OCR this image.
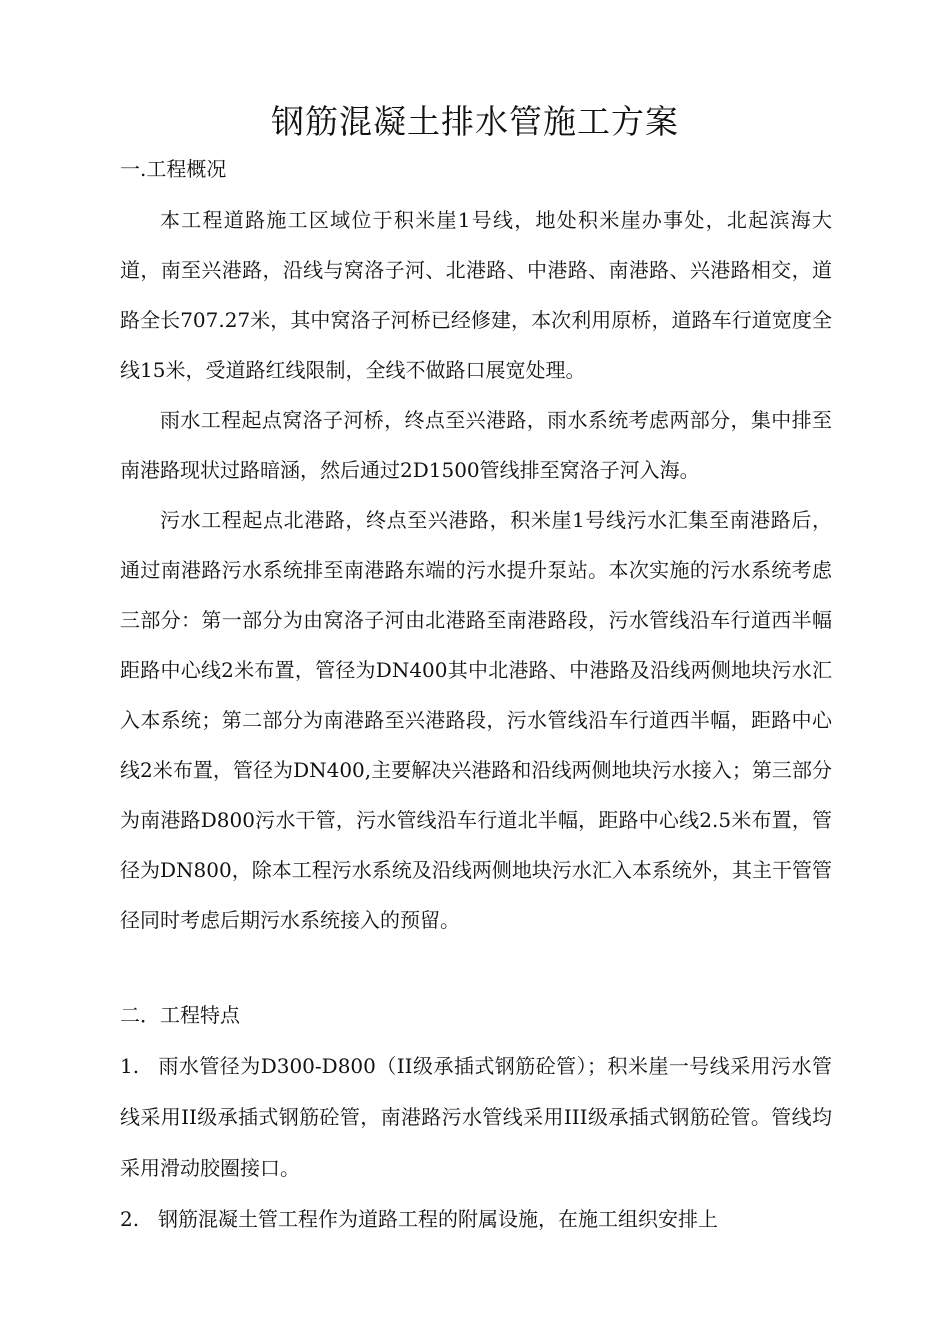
钢筋混凝土排水管施工方案
一.工程概况

本工程道路施工区域位于积米崖1号线，地处积米崖办事处，北起滨海大道，南至兴港路，沿线与窝洛子河、北港路、中港路、南港路、兴港路相交，道路全长707.27米，其中窝洛子河桥已经修建，本次利用原桥，道路车行道宽度全线15米，受道路红线限制，全线不做路口展宽处理。

雨水工程起点窝洛子河桥，终点至兴港路，雨水系统考虑两部分，集中排至南港路现状过路暗涵，然后通过2D1500管线排至窝洛子河入海。

污水工程起点北港路，终点至兴港路，积米崖1号线污水汇集至南港路后，通过南港路污水系统排至南港路东端的污水提升泵站。本次实施的污水系统考虑三部分：第一部分为由窝洛子河由北港路至南港路段，污水管线沿车行道西半幅距路中心线2米布置，管径为DN400其中北港路、中港路及沿线两侧地块污水汇入本系统；第二部分为南港路至兴港路段，污水管线沿车行道西半幅，距路中心线2米布置，管径为DN400,主要解决兴港路和沿线两侧地块污水接入；第三部分为南港路D800污水干管，污水管线沿车行道北半幅，距路中心线2.5米布置，管径为DN800，除本工程污水系统及沿线两侧地块污水汇入本系统外，其主干管管径同时考虑后期污水系统接入的预留。

二．工程特点

1. 雨水管径为D300-D800（II级承插式钢筋砼管）；积米崖一号线采用污水管线采用II级承插式钢筋砼管，南港路污水管线采用III级承插式钢筋砼管。管线均采用滑动胶圈接口。

2. 钢筋混凝土管工程作为道路工程的附属设施，在施工组织安排上
